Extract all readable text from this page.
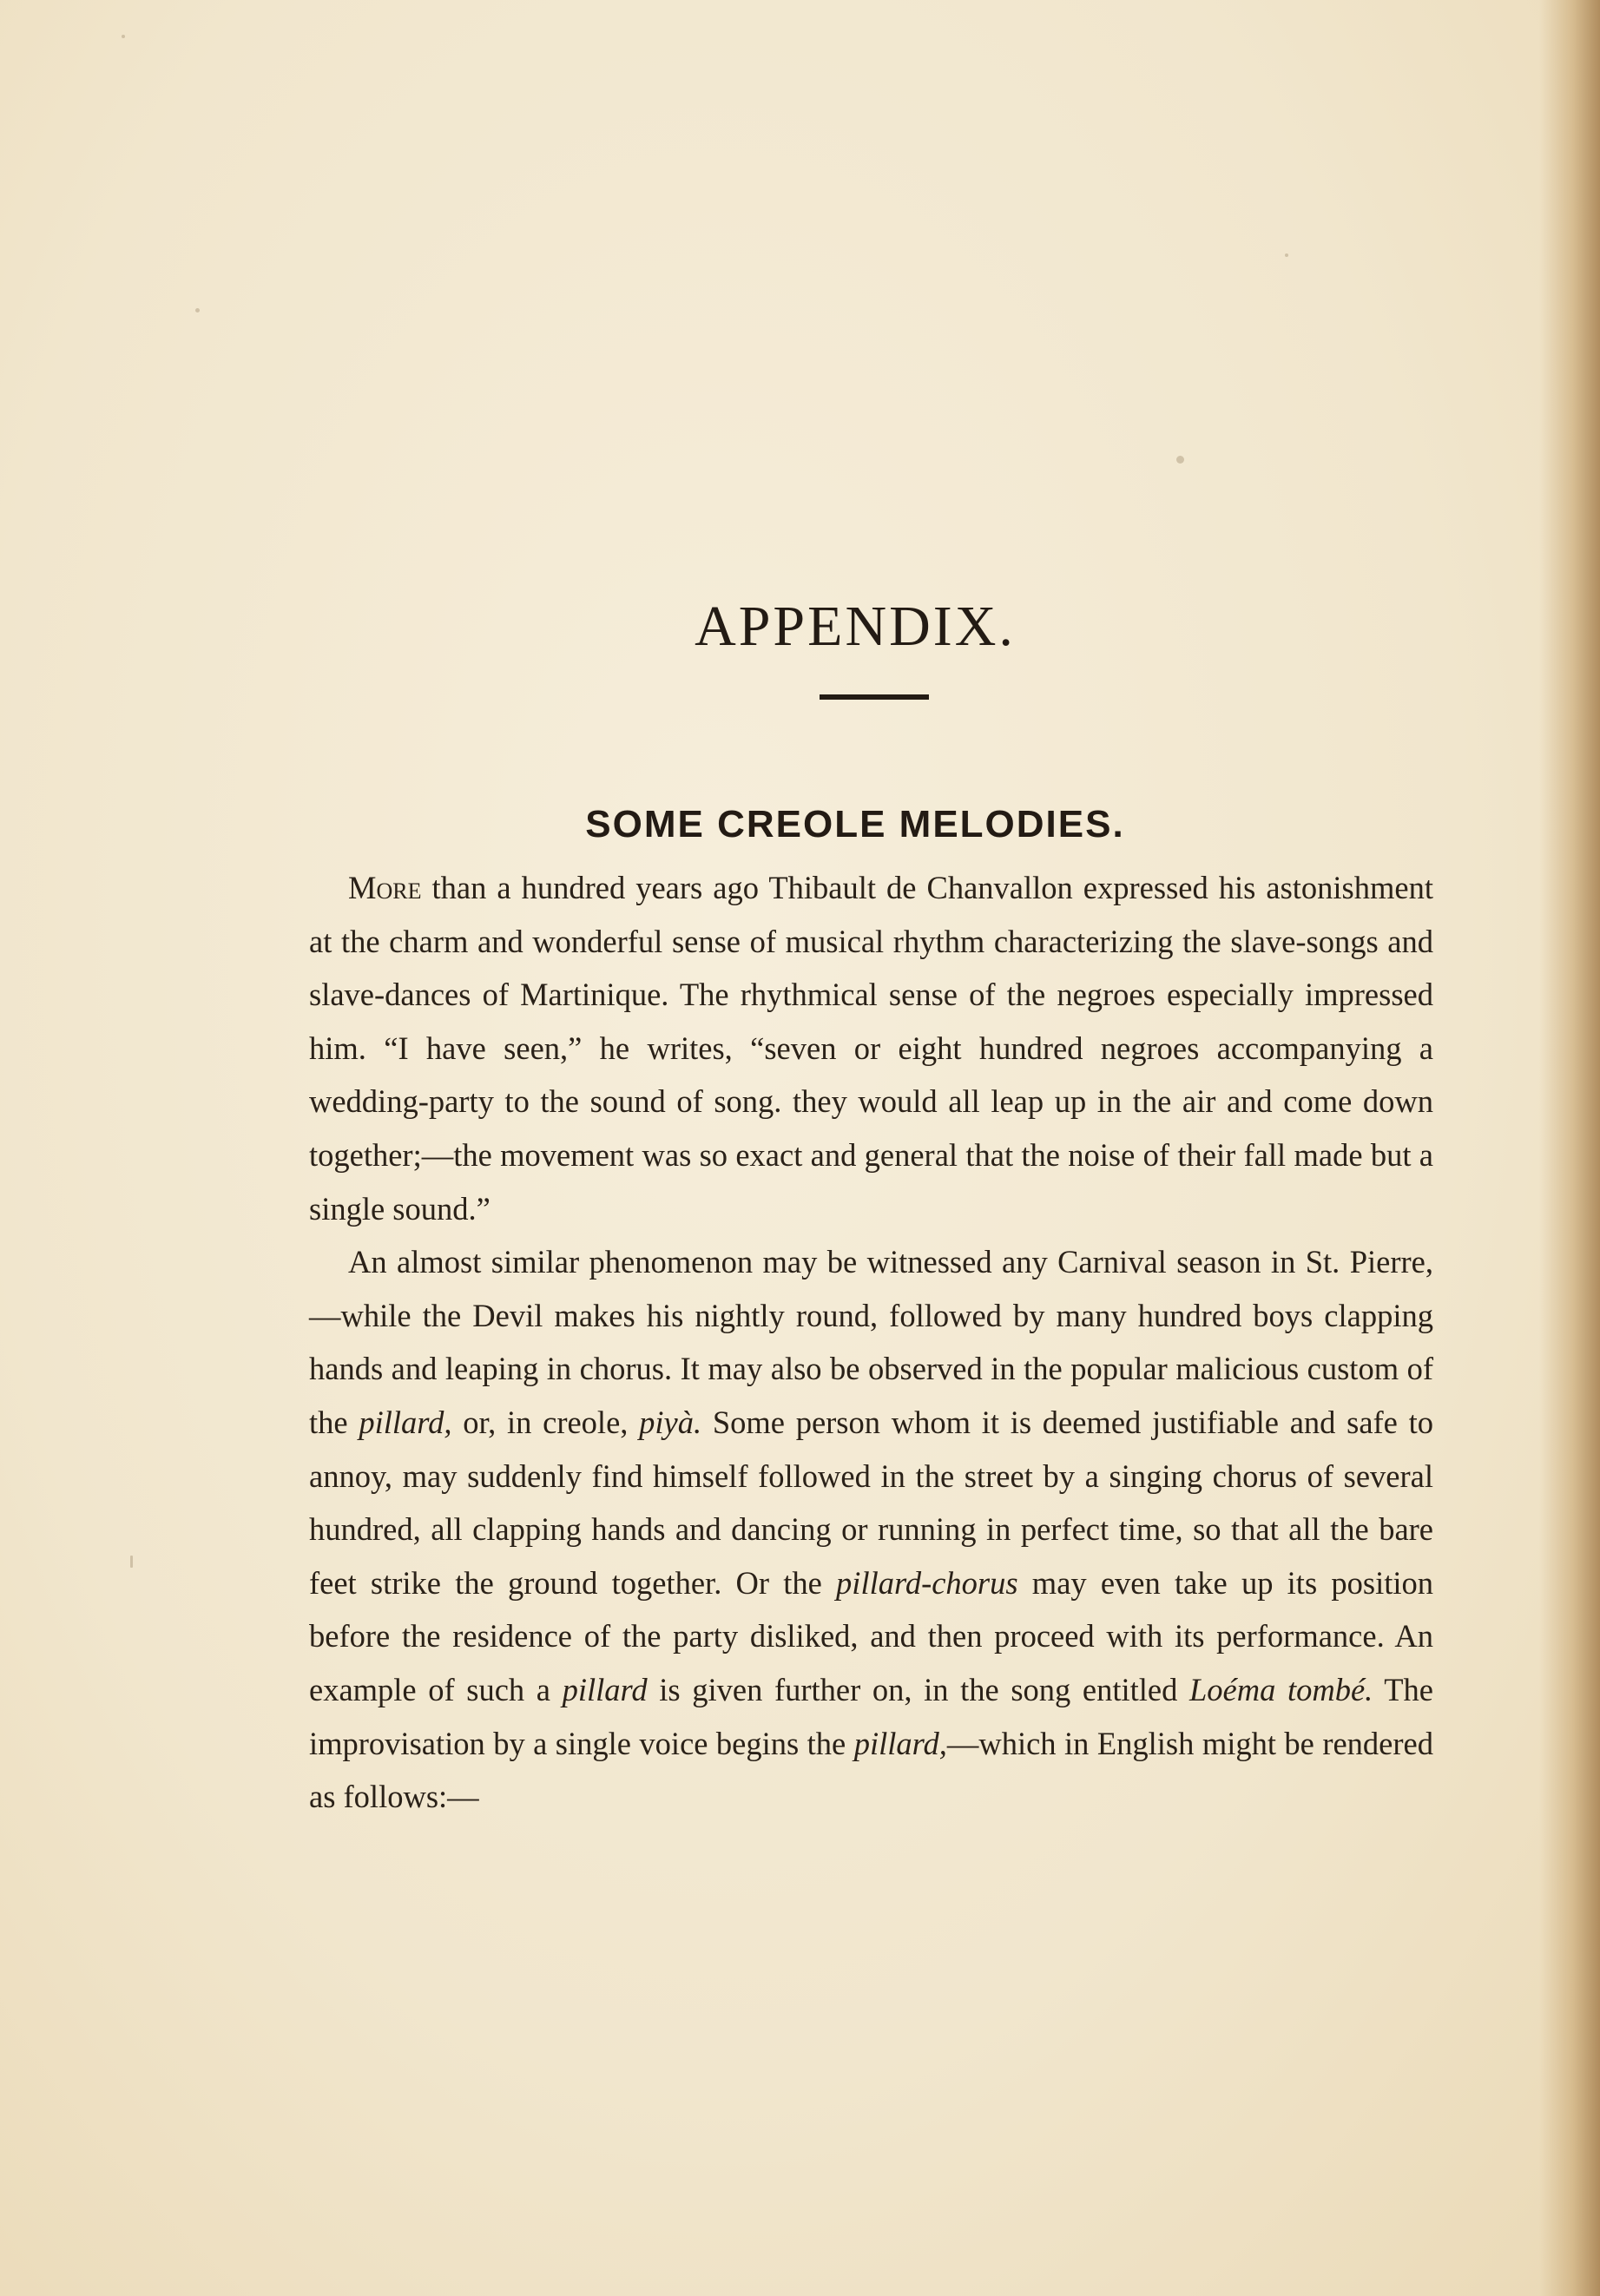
APPENDIX.
SOME CREOLE MELODIES.

More than a hundred years ago Thibault de Chanvallon expressed his astonishment at the charm and wonderful sense of musical rhythm characterizing the slave-songs and slave-dances of Martinique. The rhythmical sense of the negroes especially impressed him. “I have seen,” he writes, “seven or eight hundred negroes accompanying a wedding-party to the sound of song. they would all leap up in the air and come down together;—the movement was so exact and general that the noise of their fall made but a single sound.”

An almost similar phenomenon may be witnessed any Carnival season in St. Pierre,—while the Devil makes his nightly round, followed by many hundred boys clapping hands and leaping in chorus. It may also be observed in the popular malicious custom of the pillard, or, in creole, piyà. Some person whom it is deemed justifiable and safe to annoy, may suddenly find himself followed in the street by a singing chorus of several hundred, all clapping hands and dancing or running in perfect time, so that all the bare feet strike the ground together. Or the pillard-chorus may even take up its position before the residence of the party disliked, and then proceed with its performance. An example of such a pillard is given further on, in the song entitled Loéma tombé. The improvisation by a single voice begins the pillard,—which in English might be rendered as follows:—
